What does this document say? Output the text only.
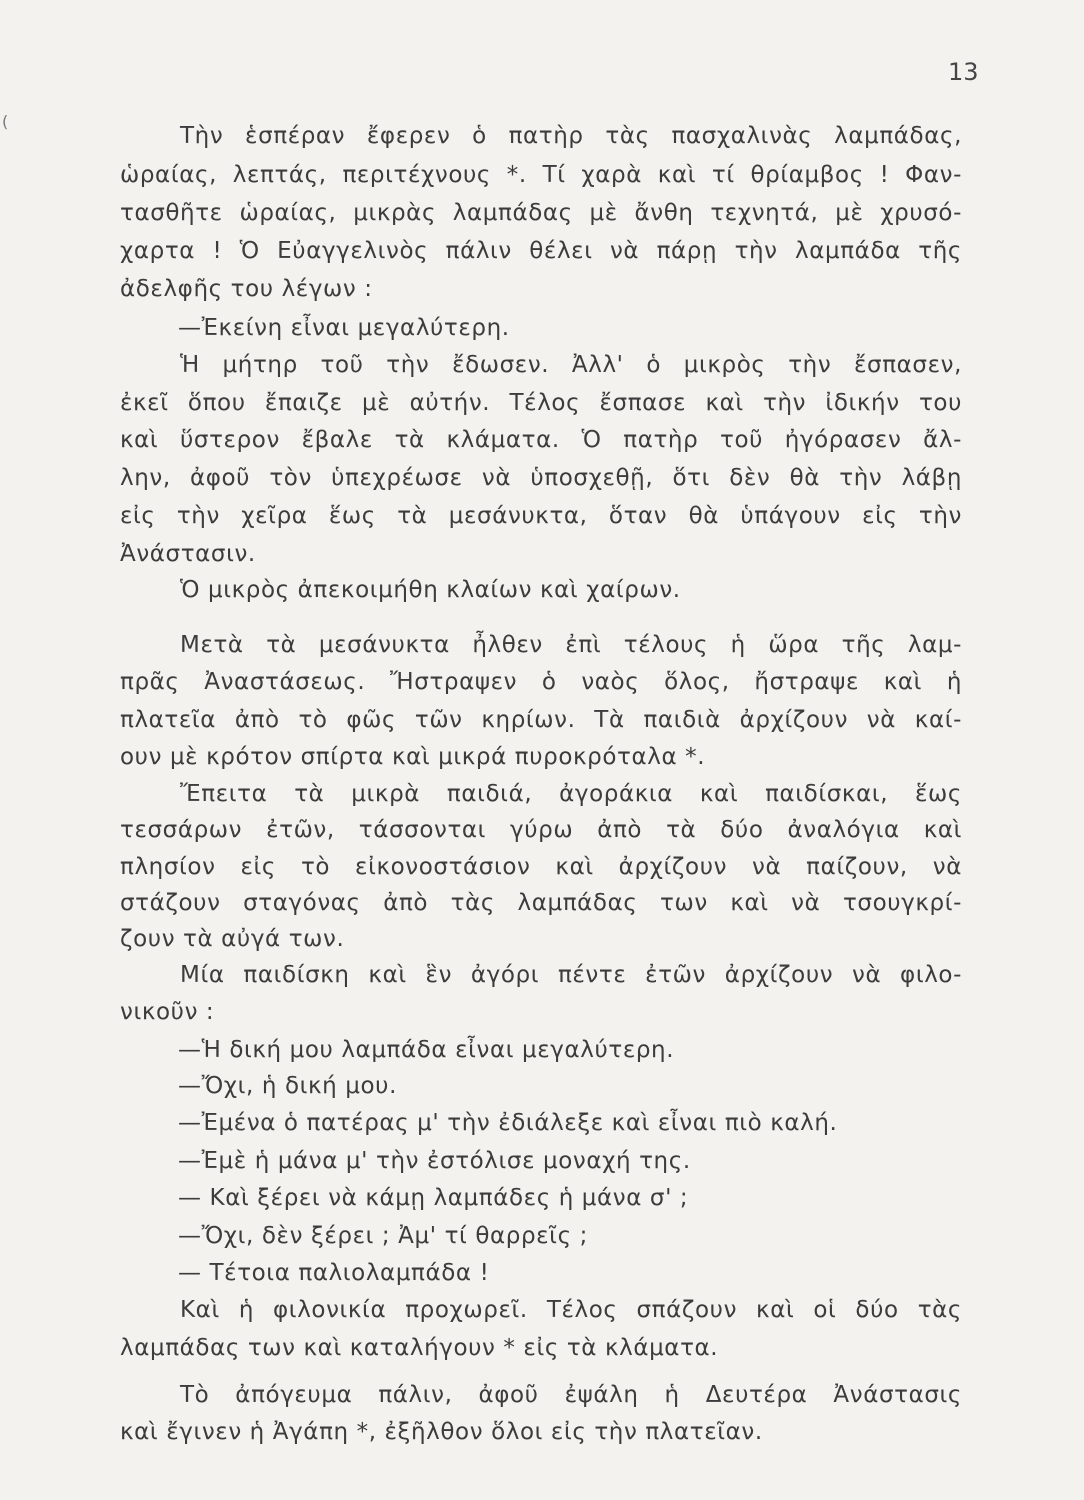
(
13
Τὴν ἑσπέραν ἔφερεν ὁ πατὴρ τὰς πασχαλινὰς λαμπάδας,
ὡραίας, λεπτάς, περιτέχνους *. Τί χαρὰ καὶ τί θρίαμβος ! Φαν-
τασθῆτε ὡραίας, μικρὰς λαμπάδας μὲ ἄνθη τεχνητά, μὲ χρυσό-
χαρτα ! Ὁ Εὐαγγελινὸς πάλιν θέλει νὰ πάρῃ τὴν λαμπάδα τῆς
ἀδελφῆς του λέγων :
—Ἐκείνη εἶναι μεγαλύτερη.
Ἡ μήτηρ τοῦ τὴν ἔδωσεν. Ἀλλ' ὁ μικρὸς τὴν ἔσπασεν,
ἐκεῖ ὅπου ἔπαιζε μὲ αὐτήν. Τέλος ἔσπασε καὶ τὴν ἰδικήν του
καὶ ὕστερον ἔβαλε τὰ κλάματα. Ὁ πατὴρ τοῦ ἠγόρασεν ἄλ-
λην, ἀφοῦ τὸν ὑπεχρέωσε νὰ ὑποσχεθῇ, ὅτι δὲν θὰ τὴν λάβῃ
εἰς τὴν χεῖρα ἕως τὰ μεσάνυκτα, ὅταν θὰ ὑπάγουν εἰς τὴν
Ἀνάστασιν.
Ὁ μικρὸς ἀπεκοιμήθη κλαίων καὶ χαίρων.
Μετὰ τὰ μεσάνυκτα ἦλθεν ἐπὶ τέλους ἡ ὥρα τῆς λαμ-
πρᾶς Ἀναστάσεως. Ἤστραψεν ὁ ναὸς ὅλος, ἤστραψε καὶ ἡ
πλατεῖα ἀπὸ τὸ φῶς τῶν κηρίων. Τὰ παιδιὰ ἀρχίζουν νὰ καί-
ουν μὲ κρότον σπίρτα καὶ μικρά πυροκρόταλα *.
Ἔπειτα τὰ μικρὰ παιδιά, ἀγοράκια καὶ παιδίσκαι, ἕως
τεσσάρων ἐτῶν, τάσσονται γύρω ἀπὸ τὰ δύο ἀναλόγια καὶ
πλησίον εἰς τὸ εἰκονοστάσιον καὶ ἀρχίζουν νὰ παίζουν, νὰ
στάζουν σταγόνας ἀπὸ τὰς λαμπάδας των καὶ νὰ τσουγκρί-
ζουν τὰ αὐγά των.
Μία παιδίσκη καὶ ἓν ἀγόρι πέντε ἐτῶν ἀρχίζουν νὰ φιλο-
νικοῦν :
—Ἡ δική μου λαμπάδα εἶναι μεγαλύτερη.
—Ὄχι, ἡ δική μου.
—Ἐμένα ὁ πατέρας μ' τὴν ἐδιάλεξε καὶ εἶναι πιὸ καλή.
—Ἐμὲ ἡ μάνα μ' τὴν ἐστόλισε μοναχή της.
— Καὶ ξέρει νὰ κάμῃ λαμπάδες ἡ μάνα σ' ;
—Ὄχι, δὲν ξέρει ; Ἀμ' τί θαρρεῖς ;
— Τέτοια παλιολαμπάδα !
Καὶ ἡ φιλονικία προχωρεῖ. Τέλος σπάζουν καὶ οἱ δύο τὰς
λαμπάδας των καὶ καταλήγουν * εἰς τὰ κλάματα.
Τὸ ἀπόγευμα πάλιν, ἀφοῦ ἐψάλη ἡ Δευτέρα Ἀνάστασις
καὶ ἔγινεν ἡ Ἀγάπη *, ἐξῆλθον ὅλοι εἰς τὴν πλατεῖαν.
